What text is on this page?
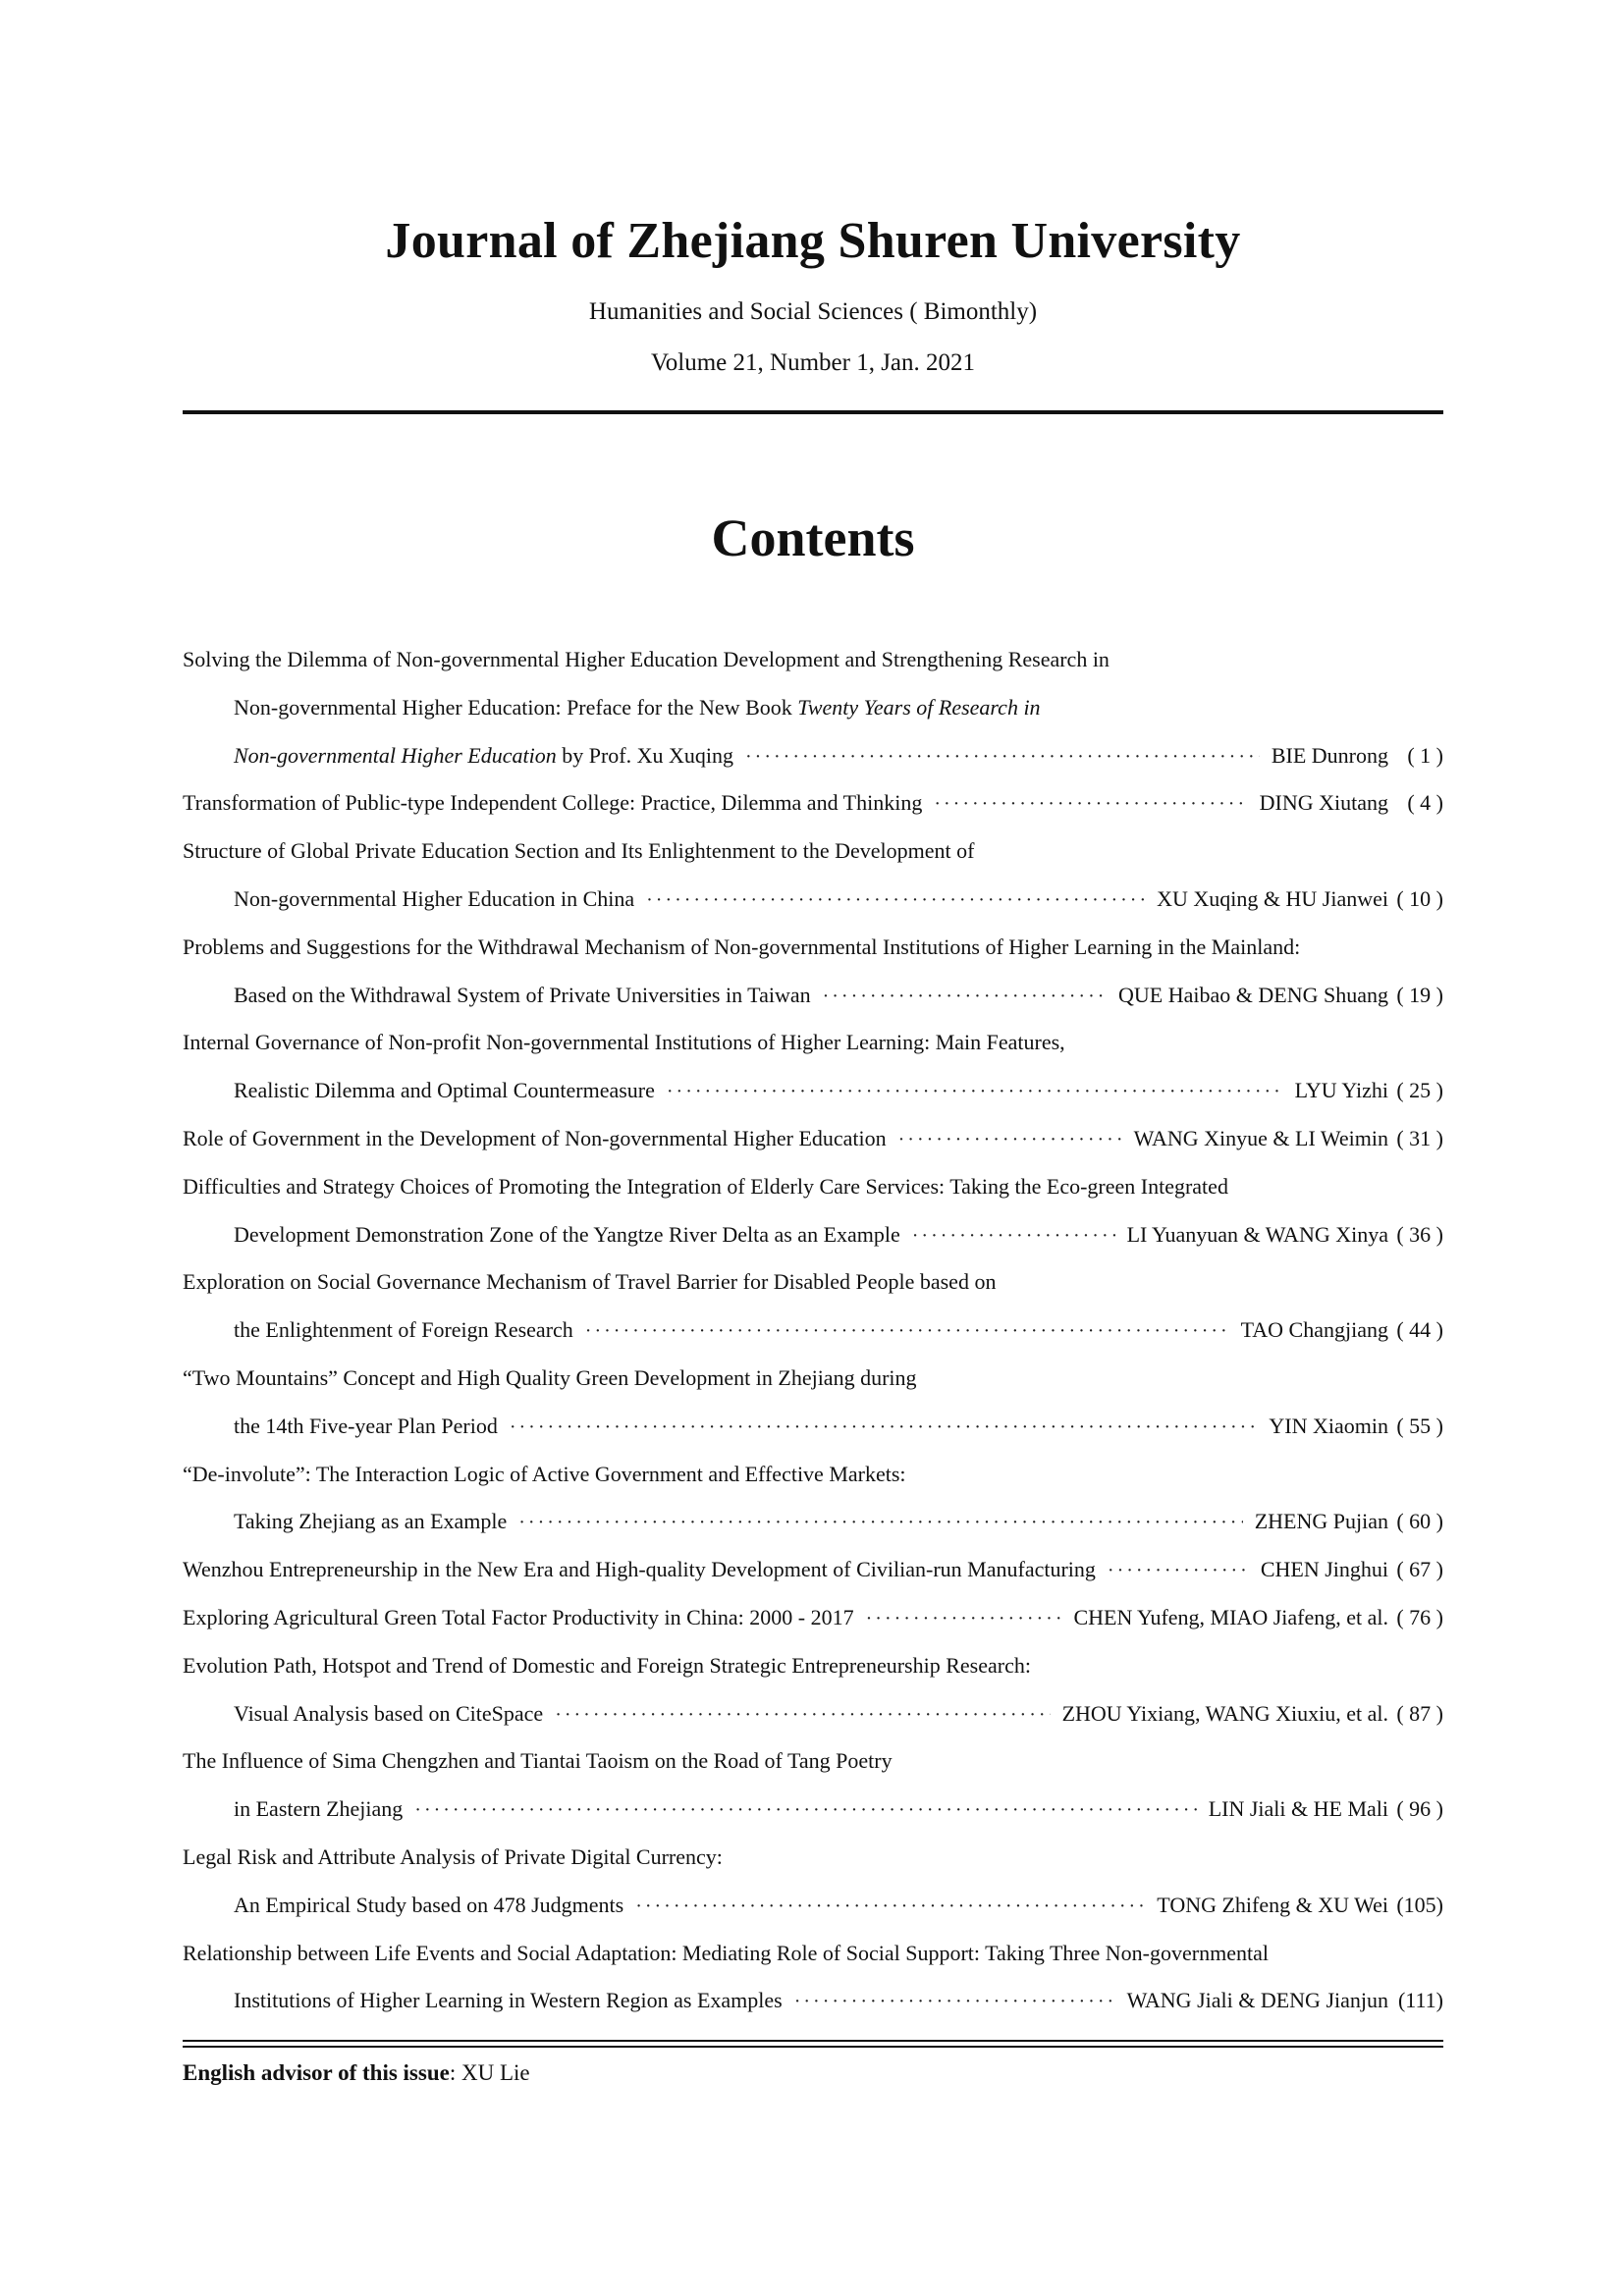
Journal of Zhejiang Shuren University

Humanities and Social Sciences ( Bimonthly)

Volume 21, Number 1, Jan. 2021

Contents
Solving the Dilemma of Non-governmental Higher Education Development and Strengthening Research in
Non-governmental Higher Education: Preface for the New Book Twenty Years of Research in
Non-governmental Higher Education by Prof. Xu Xuqing ·····	BIE Dunrong ( 1 )
Transformation of Public-type Independent College: Practice, Dilemma and Thinking ·····	DING Xiutang ( 4 )
Structure of Global Private Education Section and Its Enlightenment to the Development of
Non-governmental Higher Education in China ·····	XU Xuqing & HU Jianwei ( 10 )
Problems and Suggestions for the Withdrawal Mechanism of Non-governmental Institutions of Higher Learning in the Mainland:
Based on the Withdrawal System of Private Universities in Taiwan ·····	QUE Haibao & DENG Shuang ( 19 )
Internal Governance of Non-profit Non-governmental Institutions of Higher Learning: Main Features,
Realistic Dilemma and Optimal Countermeasure ·····	LYU Yizhi ( 25 )
Role of Government in the Development of Non-governmental Higher Education ·····	WANG Xinyue & LI Weimin ( 31 )
Difficulties and Strategy Choices of Promoting the Integration of Elderly Care Services: Taking the Eco-green Integrated
Development Demonstration Zone of the Yangtze River Delta as an Example ·····	LI Yuanyuan & WANG Xinya ( 36 )
Exploration on Social Governance Mechanism of Travel Barrier for Disabled People based on
the Enlightenment of Foreign Research ·····	TAO Changjiang ( 44 )
“Two Mountains” Concept and High Quality Green Development in Zhejiang during
the 14th Five-year Plan Period ·····	YIN Xiaomin ( 55 )
“De-involute”: The Interaction Logic of Active Government and Effective Markets:
Taking Zhejiang as an Example ·····	ZHENG Pujian ( 60 )
Wenzhou Entrepreneurship in the New Era and High-quality Development of Civilian-run Manufacturing ·····	CHEN Jinghui ( 67 )
Exploring Agricultural Green Total Factor Productivity in China: 2000 - 2017 ·····	CHEN Yufeng, MIAO Jiafeng, et al. ( 76 )
Evolution Path, Hotspot and Trend of Domestic and Foreign Strategic Entrepreneurship Research:
Visual Analysis based on CiteSpace ·····	ZHOU Yixiang, WANG Xiuxiu, et al. ( 87 )
The Influence of Sima Chengzhen and Tiantai Taoism on the Road of Tang Poetry
in Eastern Zhejiang ·····	LIN Jiali & HE Mali ( 96 )
Legal Risk and Attribute Analysis of Private Digital Currency:
An Empirical Study based on 478 Judgments ·····	TONG Zhifeng & XU Wei (105)
Relationship between Life Events and Social Adaptation: Mediating Role of Social Support: Taking Three Non-governmental
Institutions of Higher Learning in Western Region as Examples ·····	WANG Jiali & DENG Jianjun (111)
English advisor of this issue: XU Lie
